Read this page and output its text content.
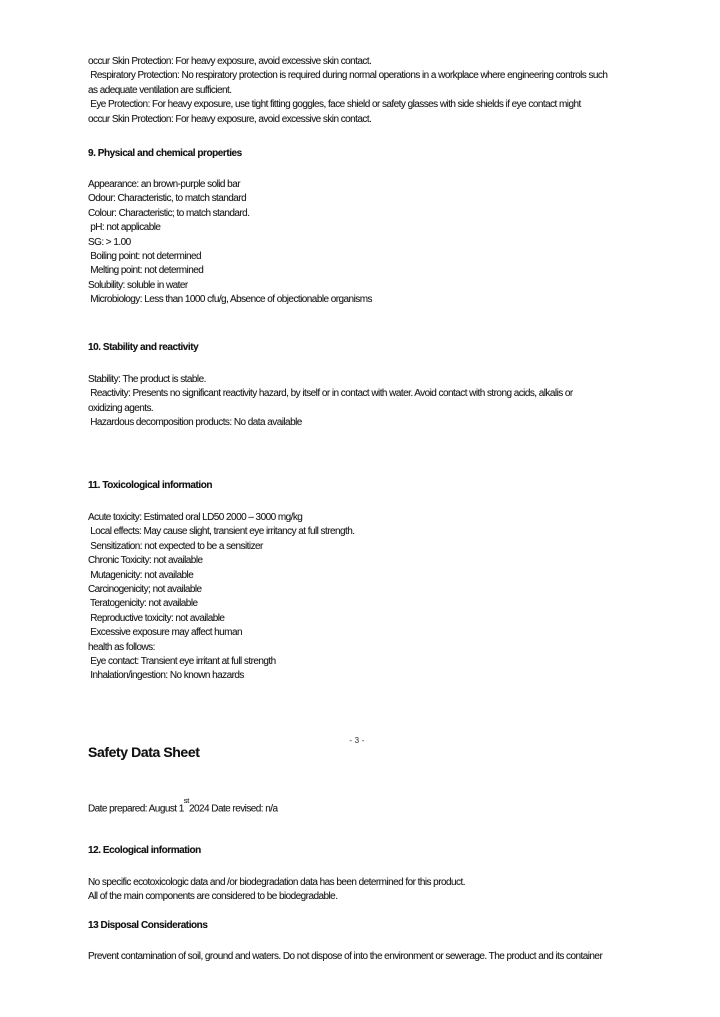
occur Skin Protection: For heavy exposure, avoid excessive skin contact.
Respiratory Protection: No respiratory protection is required during normal operations in a workplace where engineering controls such
as adequate ventilation are sufficient.
Eye Protection: For heavy exposure, use tight fitting goggles, face shield or safety glasses with side shields if eye contact might
occur Skin Protection: For heavy exposure, avoid excessive skin contact.
9. Physical and chemical properties
Appearance: an brown-purple solid bar
Odour: Characteristic, to match standard
Colour: Characteristic; to match standard.
pH: not applicable
SG: > 1.00
Boiling point: not determined
Melting point: not determined
Solubility: soluble in water
Microbiology: Less than 1000 cfu/g, Absence of objectionable organisms
10. Stability and reactivity
Stability: The product is stable.
Reactivity: Presents no significant reactivity hazard, by itself or in contact with water. Avoid contact with strong acids, alkalis or
oxidizing agents.
Hazardous decomposition products: No data available
11. Toxicological information
Acute toxicity: Estimated oral LD50 2000 – 3000 mg/kg
Local effects: May cause slight, transient eye irritancy at full strength.
Sensitization: not expected to be a sensitizer
Chronic Toxicity: not available
Mutagenicity: not available
Carcinogenicity; not available
Teratogenicity: not available
Reproductive toxicity: not available
Excessive exposure may affect human
health as follows:
Eye contact: Transient eye irritant at full strength
Inhalation/ingestion: No known hazards
- 3 -
Safety Data Sheet
Date prepared: August 1st2024 Date revised: n/a
12. Ecological information
No specific ecotoxicologic data and /or biodegradation data has been determined for this product.
All of the main components are considered to be biodegradable.
13 Disposal Considerations
Prevent contamination of soil, ground and waters. Do not dispose of into the environment or sewerage. The product and its container
